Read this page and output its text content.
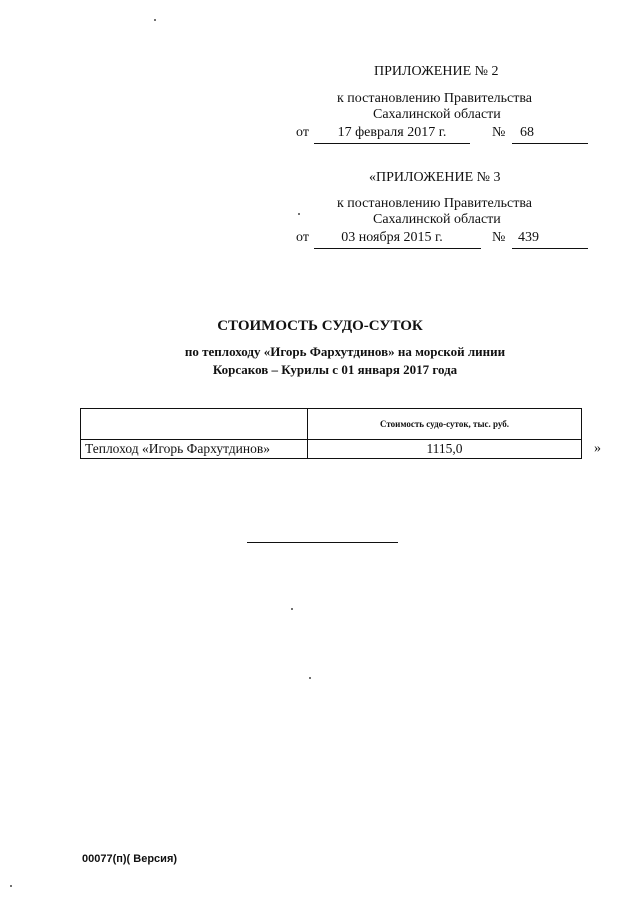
ПРИЛОЖЕНИЕ № 2
к постановлению Правительства
Сахалинской области
от	17 февраля 2017 г.	№ 68
«ПРИЛОЖЕНИЕ № 3
к постановлению Правительства
Сахалинской области
от	03 ноября 2015 г.	№ 439
СТОИМОСТЬ СУДО-СУТОК
по теплоходу «Игорь Фархутдинов» на морской линии
Корсаков – Курилы с 01 января 2017 года
	Стоимость судо-суток, тыс. руб.
Теплоход «Игорь Фархутдинов»	1115,0	»
00077(п)( Версия)
